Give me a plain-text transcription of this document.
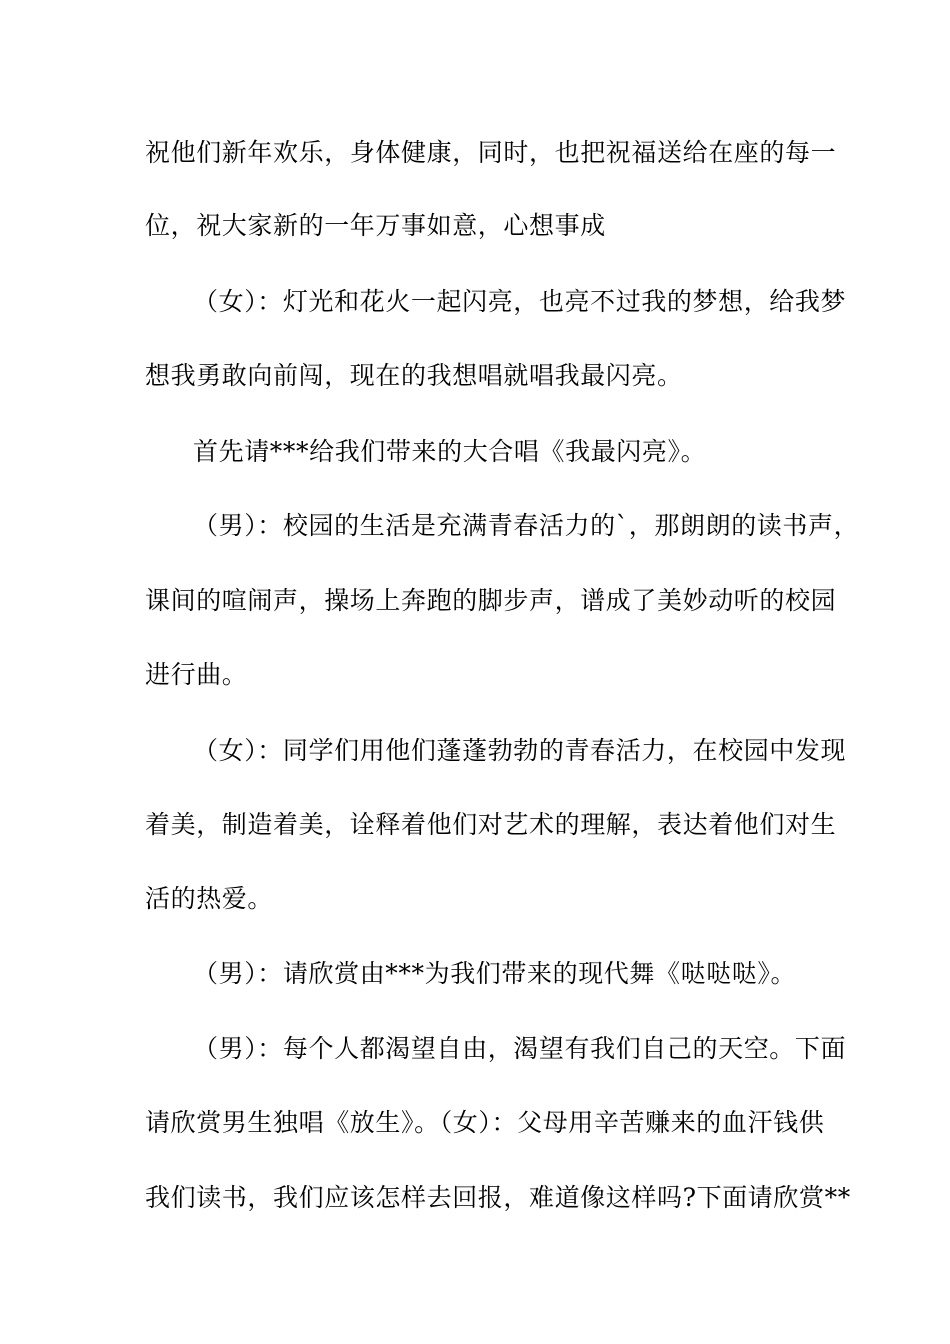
祝他们新年欢乐，身体健康，同时，也把祝福送给在座的每一
位，祝大家新的一年万事如意，心想事成
（女）：灯光和花火一起闪亮，也亮不过我的梦想，给我梦
想我勇敢向前闯，现在的我想唱就唱我最闪亮。
首先请***给我们带来的大合唱《我最闪亮》。
（男）：校园的生活是充满青春活力的`，那朗朗的读书声，
课间的喧闹声，操场上奔跑的脚步声，谱成了美妙动听的校园
进行曲。
（女）：同学们用他们蓬蓬勃勃的青春活力，在校园中发现
着美，制造着美，诠释着他们对艺术的理解，表达着他们对生
活的热爱。
（男）：请欣赏由***为我们带来的现代舞《哒哒哒》。
（男）：每个人都渴望自由，渴望有我们自己的天空。下面
请欣赏男生独唱《放生》。（女）：父母用辛苦赚来的血汗钱供
我们读书，我们应该怎样去回报，难道像这样吗?下面请欣赏**
